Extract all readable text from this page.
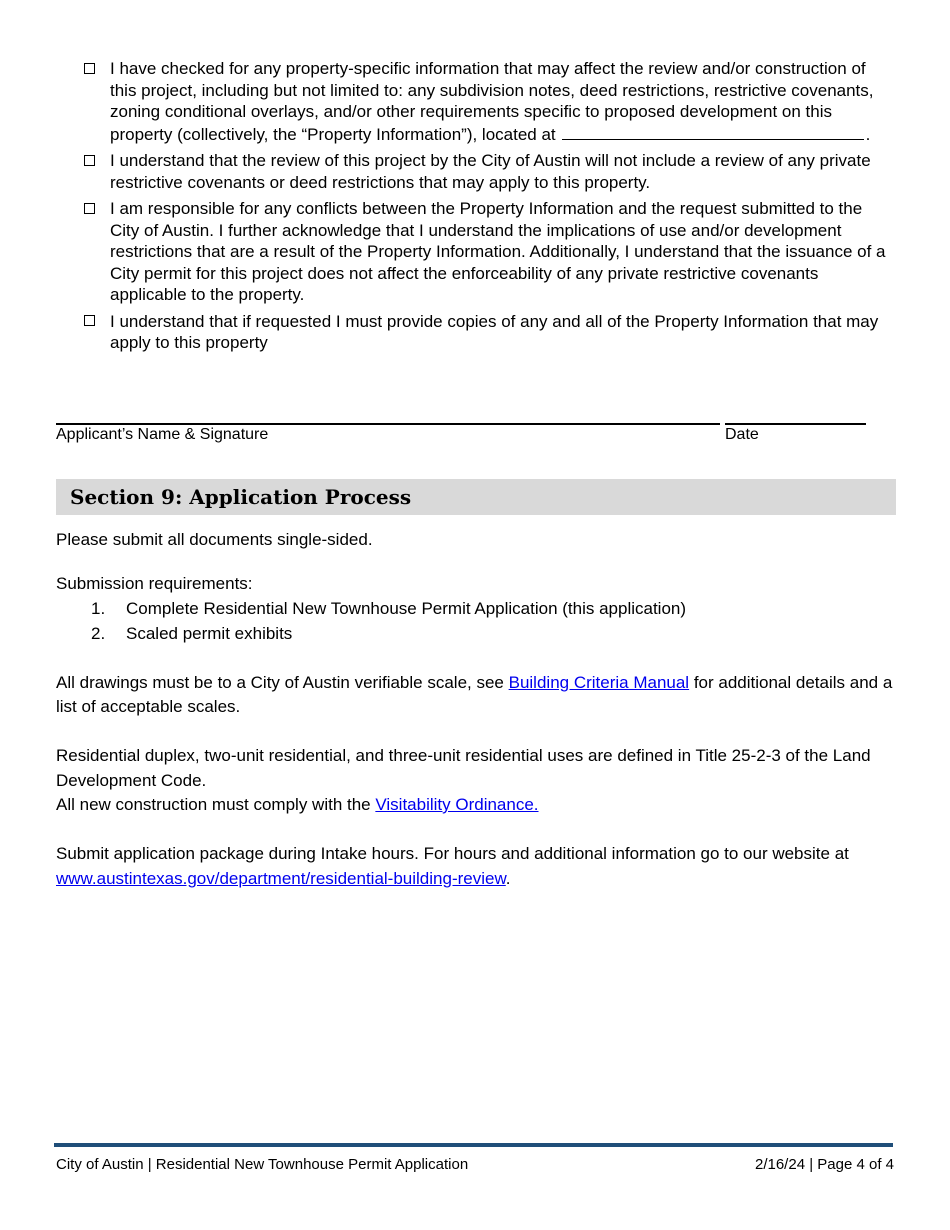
I have checked for any property-specific information that may affect the review and/or construction of this project, including but not limited to: any subdivision notes, deed restrictions, restrictive covenants, zoning conditional overlays, and/or other requirements specific to proposed development on this property (collectively, the “Property Information”), located at	.
I understand that the review of this project by the City of Austin will not include a review of any private restrictive covenants or deed restrictions that may apply to this property.
I am responsible for any conflicts between the Property Information and the request submitted to the City of Austin. I further acknowledge that I understand the implications of use and/or development restrictions that are a result of the Property Information. Additionally, I understand that the issuance of a City permit for this project does not affect the enforceability of any private restrictive covenants applicable to the property.
I understand that if requested I must provide copies of any and all of the Property Information that may apply to this property
Applicant’s Name & Signature	Date
Section 9: Application Process

Please submit all documents single-sided.

Submission requirements:

1.	Complete Residential New Townhouse Permit Application (this application)
2.	Scaled permit exhibits

All drawings must be to a City of Austin verifiable scale, see Building Criteria Manual for additional details and a list of acceptable scales.

Residential duplex, two-unit residential, and three-unit residential uses are defined in Title 25-2-3 of the Land Development Code.

All new construction must comply with the Visitability Ordinance.

Submit application package during Intake hours. For hours and additional information go to our website at www.austintexas.gov/department/residential-building-review.

City of Austin | Residential New Townhouse Permit Application	2/16/24 | Page 4 of 4
